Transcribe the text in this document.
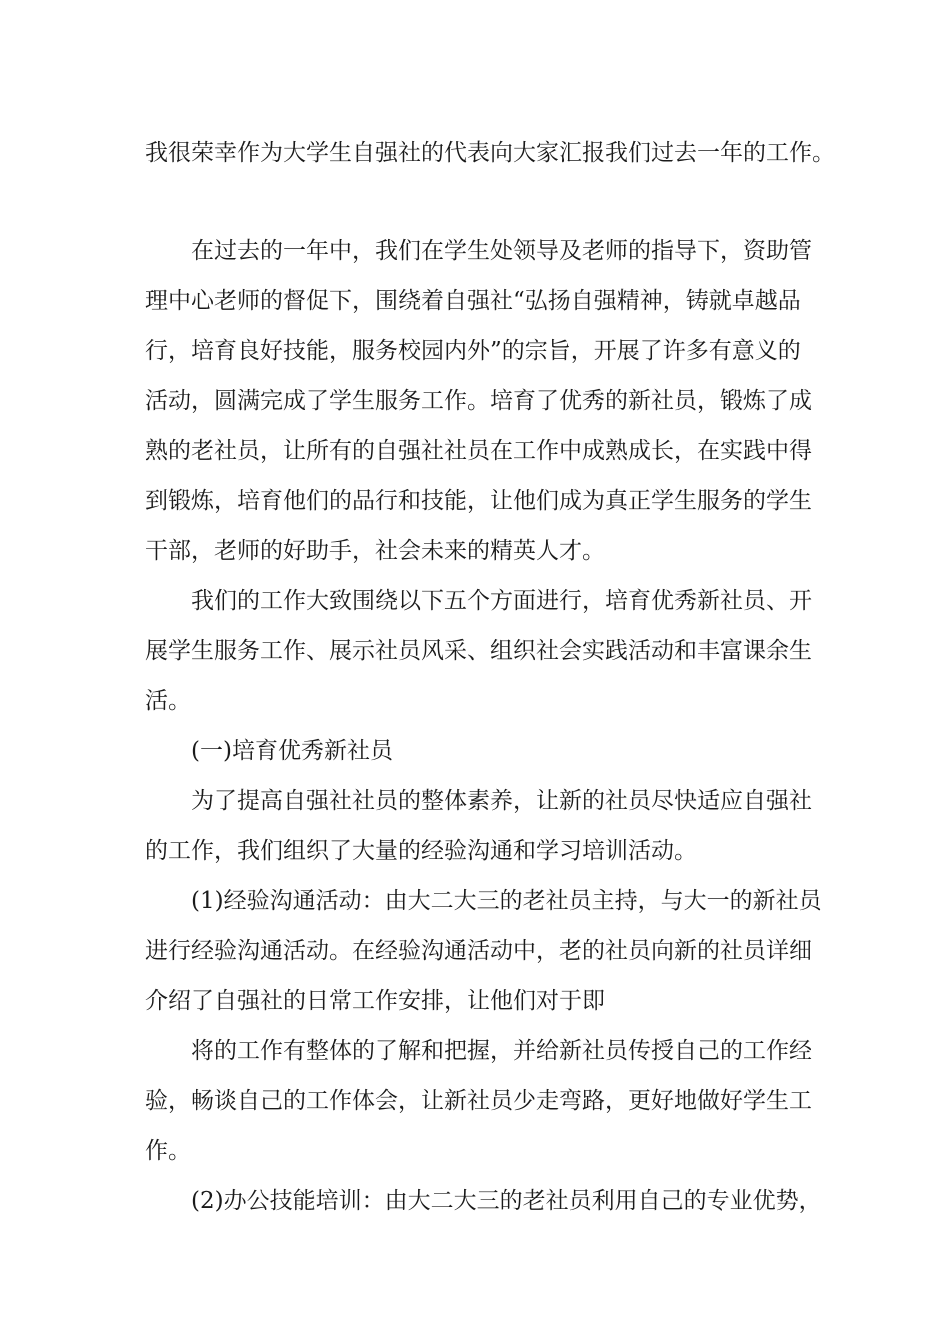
我很荣幸作为大学生自强社的代表向大家汇报我们过去一年的工作。

在过去的一年中，我们在学生处领导及老师的指导下，资助管

理中心老师的督促下，围绕着自强社“弘扬自强精神，铸就卓越品

行，培育良好技能，服务校园内外”的宗旨，开展了许多有意义的

活动，圆满完成了学生服务工作。培育了优秀的新社员，锻炼了成

熟的老社员，让所有的自强社社员在工作中成熟成长，在实践中得

到锻炼，培育他们的品行和技能，让他们成为真正学生服务的学生

干部，老师的好助手，社会未来的精英人才。

我们的工作大致围绕以下五个方面进行，培育优秀新社员、开

展学生服务工作、展示社员风采、组织社会实践活动和丰富课余生

活。

(一)培育优秀新社员

为了提高自强社社员的整体素养，让新的社员尽快适应自强社

的工作，我们组织了大量的经验沟通和学习培训活动。

(1)经验沟通活动：由大二大三的老社员主持，与大一的新社员

进行经验沟通活动。在经验沟通活动中，老的社员向新的社员详细

介绍了自强社的日常工作安排，让他们对于即

将的工作有整体的了解和把握，并给新社员传授自己的工作经

验，畅谈自己的工作体会，让新社员少走弯路，更好地做好学生工

作。

(2)办公技能培训：由大二大三的老社员利用自己的专业优势，
